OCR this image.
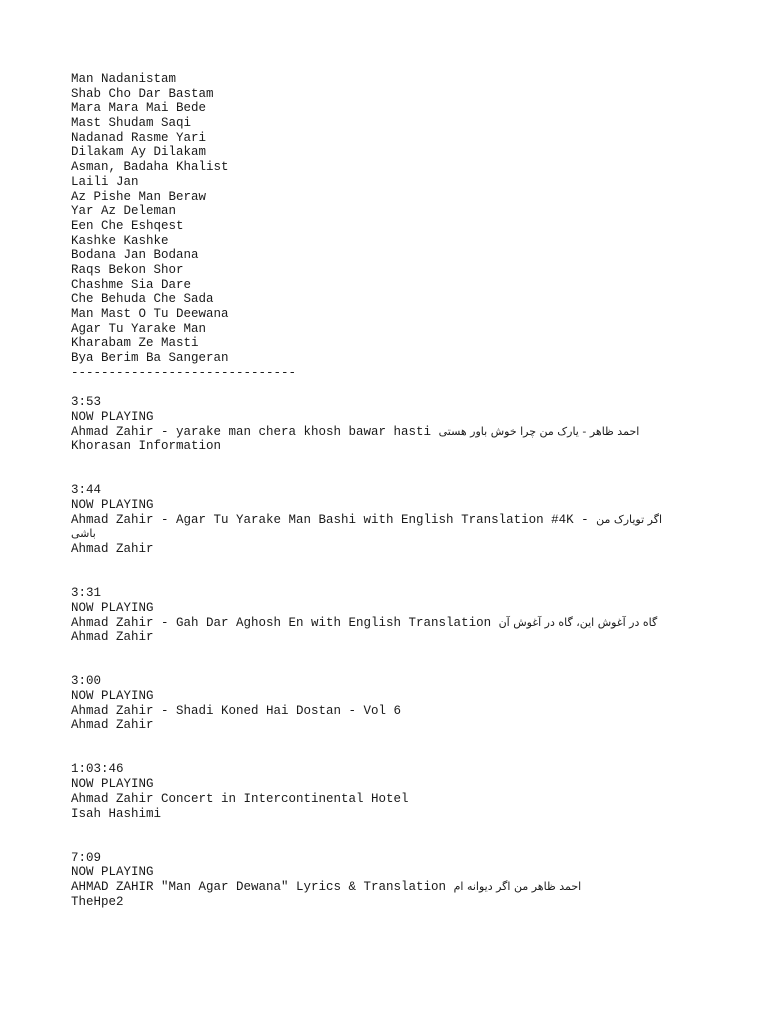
Man Nadanistam
Shab Cho Dar Bastam
Mara Mara Mai Bede
Mast Shudam Saqi
Nadanad Rasme Yari
Dilakam Ay Dilakam
Asman, Badaha Khalist
Laili Jan
Az Pishe Man Beraw
Yar Az Deleman
Een Che Eshqest
Kashke Kashke
Bodana Jan Bodana
Raqs Bekon Shor
Chashme Sia Dare
Che Behuda Che Sada
Man Mast O Tu Deewana
Agar Tu Yarake Man
Kharabam Ze Masti
Bya Berim Ba Sangeran
------------------------------
3:53
NOW PLAYING
Ahmad Zahir - yarake man chera khosh bawar hasti احمد ظاهر - یارک من چرا خوش باور هستی
Khorasan Information
3:44
NOW PLAYING
Ahmad Zahir - Agar Tu Yarake Man Bashi with English Translation #4K - اگر تویارک من باشی
Ahmad Zahir
3:31
NOW PLAYING
Ahmad Zahir - Gah Dar Aghosh En with English Translation گاه در آغوش این، گاه در آغوش آن
Ahmad Zahir
3:00
NOW PLAYING
Ahmad Zahir - Shadi Koned Hai Dostan - Vol 6
Ahmad Zahir
1:03:46
NOW PLAYING
Ahmad Zahir Concert in Intercontinental Hotel
Isah Hashimi
7:09
NOW PLAYING
AHMAD ZAHIR "Man Agar Dewana" Lyrics & Translation احمد ظاهر من اگر دیوانه ام
TheHpe2
